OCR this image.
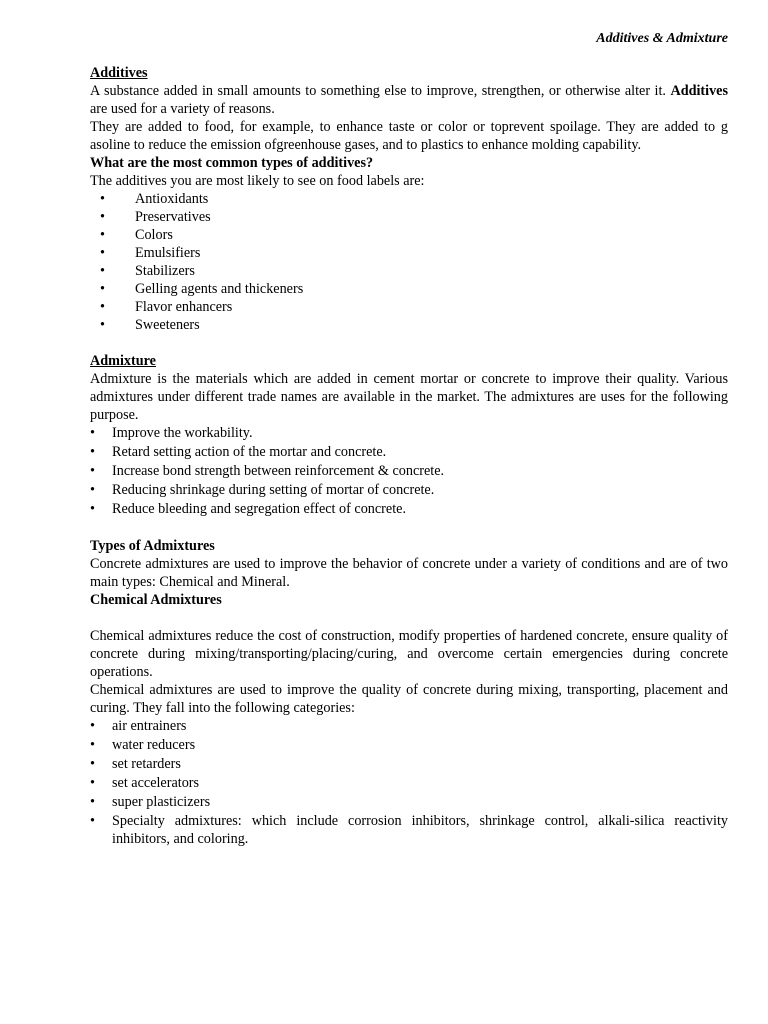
Additives & Admixture

Additives

A substance added in small amounts to something else to improve, strengthen, or otherwise alter it. Additives are used for a variety of reasons.

They are added to food, for example, to enhance taste or color or toprevent spoilage. They are added to g asoline to reduce the emission ofgreenhouse gases, and to plastics to enhance molding capability.

What are the most common types of additives?

The additives you are most likely to see on food labels are:

• Antioxidants
• Preservatives
• Colors
• Emulsifiers
• Stabilizers
• Gelling agents and thickeners
• Flavor enhancers
• Sweeteners

Admixture

Admixture is the materials which are added in cement mortar or concrete to improve their quality. Various admixtures under different trade names are available in the market. The admixtures are uses for the following purpose.

• Improve the workability.
• Retard setting action of the mortar and concrete.
• Increase bond strength between reinforcement & concrete.
• Reducing shrinkage during setting of mortar of concrete.
• Reduce bleeding and segregation effect of concrete.

Types of Admixtures

Concrete admixtures are used to improve the behavior of concrete under a variety of conditions and are of two main types: Chemical and Mineral.

Chemical Admixtures

Chemical admixtures reduce the cost of construction, modify properties of hardened concrete, ensure quality of concrete during mixing/transporting/placing/curing, and overcome certain emergencies during concrete operations.

Chemical admixtures are used to improve the quality of concrete during mixing, transporting, placement and curing. They fall into the following categories:

• air entrainers
• water reducers
• set retarders
• set accelerators
• super plasticizers
• Specialty admixtures: which include corrosion inhibitors, shrinkage control, alkali-silica reactivity inhibitors, and coloring.
